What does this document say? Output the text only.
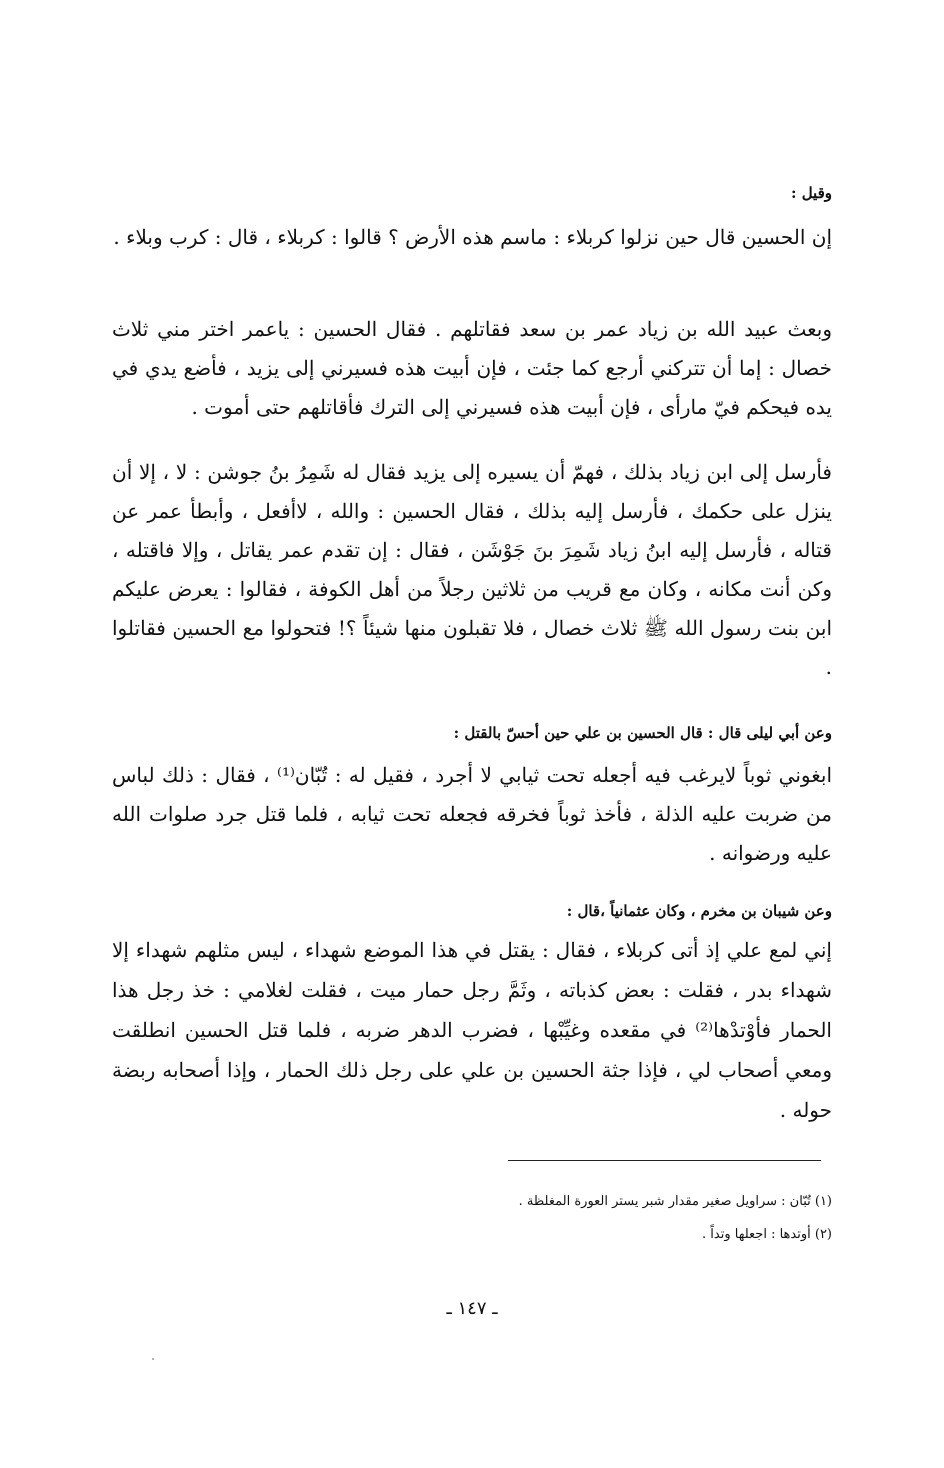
وقيل :
إن الحسين قال حين نزلوا كربلاء : ماسم هذه الأرض ؟ قالوا : كربلاء ، قال : كرب وبلاء .
وبعث عبيد الله بن زياد عمر بن سعد فقاتلهم . فقال الحسين : ياعمر اختر مني ثلاث خصال : إما أن تتركني أرجع كما جئت ، فإن أبيت هذه فسيرني إلى يزيد ، فأضع يدي في يده فيحكم فيّ مارأى ، فإن أبيت هذه فسيرني إلى الترك فأقاتلهم حتى أموت .
فأرسل إلى ابن زياد بذلك ، فهمّ أن يسيره إلى يزيد فقال له شَمِرُ بنُ جوشن : لا ، إلا أن ينزل على حكمك ، فأرسل إليه بذلك ، فقال الحسين : والله ، لاأفعل ، وأبطأ عمر عن قتاله ، فأرسل إليه ابنُ زياد شَمِرَ بنَ جَوْشَن ، فقال : إن تقدم عمر يقاتل ، وإلا فاقتله ، وكن أنت مكانه ، وكان مع قريب من ثلاثين رجلاً من أهل الكوفة ، فقالوا : يعرض عليكم ابن بنت رسول الله ﷺ ثلاث خصال ، فلا تقبلون منها شيئاً ؟! فتحولوا مع الحسين فقاتلوا .
وعن أبي ليلى قال : قال الحسين بن علي حين أحسّ بالقتل :
ابغوني ثوباً لايرغب فيه أجعله تحت ثيابي لا أجرد ، فقيل له : تُبّان⁽¹⁾ ، فقال : ذلك لباس من ضربت عليه الذلة ، فأخذ ثوباً فخرقه فجعله تحت ثيابه ، فلما قتل جرد صلوات الله عليه ورضوانه .
وعن شيبان بن مخرم ، وكان عثمانياً ،قال :
إني لمع علي إذ أتى كربلاء ، فقال : يقتل في هذا الموضع شهداء ، ليس مثلهم شهداء إلا شهداء بدر ، فقلت : بعض كذباته ، وثَمَّ رجل حمار ميت ، فقلت لغلامي : خذ رجل هذا الحمار فأوْتدْها⁽²⁾ في مقعده وغيِّبْها ، فضرب الدهر ضربه ، فلما قتل الحسين انطلقت ومعي أصحاب لي ، فإذا جثة الحسين بن علي على رجل ذلك الحمار ، وإذا أصحابه ربضة حوله .
(١) تُبّان : سراويل صغير مقدار شبر يستر العورة المغلظة .
(٢) أوتدها : اجعلها وتداً .
ـ ١٤٧ ـ
